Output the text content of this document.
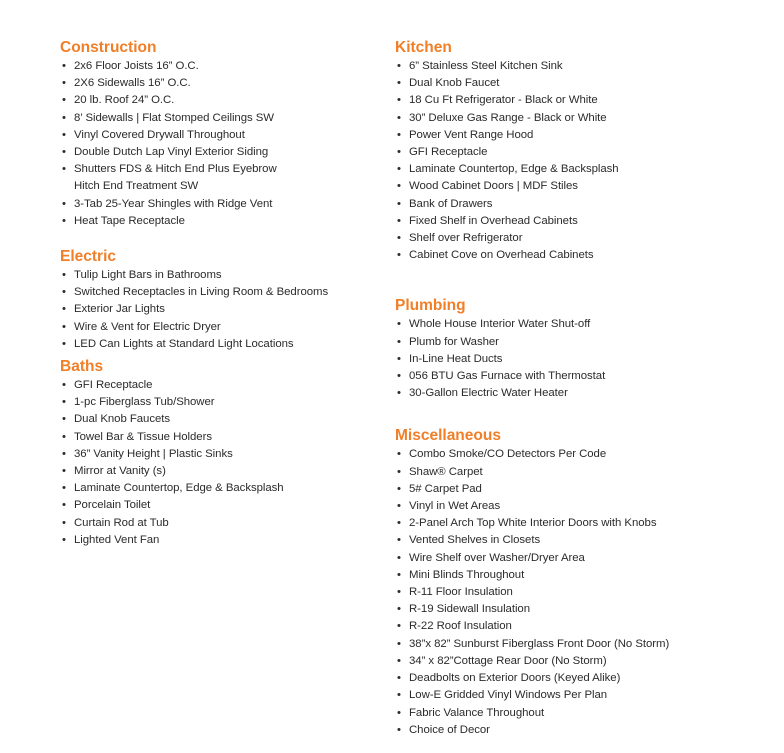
Construction
• 2x6 Floor Joists 16” O.C.
• 2X6 Sidewalls 16” O.C.
• 20 lb. Roof 24” O.C.
• 8’ Sidewalls | Flat Stomped Ceilings SW
• Vinyl Covered Drywall Throughout
• Double Dutch Lap Vinyl Exterior Siding
• Shutters FDS & Hitch End Plus Eyebrow
Hitch End Treatment SW
• 3-Tab 25-Year Shingles with Ridge Vent
• Heat Tape Receptacle
Electric
• Tulip Light Bars in Bathrooms
• Switched Receptacles in Living Room & Bedrooms
• Exterior Jar Lights
• Wire & Vent for Electric Dryer
• LED Can Lights at Standard Light Locations
Baths
• GFI Receptacle
• 1-pc Fiberglass Tub/Shower
• Dual Knob Faucets
• Towel Bar & Tissue Holders
• 36” Vanity Height | Plastic Sinks
• Mirror at Vanity (s)
• Laminate Countertop, Edge & Backsplash
• Porcelain Toilet
• Curtain Rod at Tub
• Lighted Vent Fan
Kitchen
• 6” Stainless Steel Kitchen Sink
• Dual Knob Faucet
• 18 Cu Ft Refrigerator - Black or White
• 30” Deluxe Gas Range - Black or White
• Power Vent Range Hood
• GFI Receptacle
• Laminate Countertop, Edge & Backsplash
• Wood Cabinet Doors | MDF Stiles
• Bank of Drawers
• Fixed Shelf in Overhead Cabinets
• Shelf over Refrigerator
• Cabinet Cove on Overhead Cabinets
Plumbing
• Whole House Interior Water Shut-off
• Plumb for Washer
• In-Line Heat Ducts
• 056 BTU Gas Furnace with Thermostat
• 30-Gallon Electric Water Heater
Miscellaneous
• Combo Smoke/CO Detectors Per Code
• Shaw® Carpet
• 5# Carpet Pad
• Vinyl in Wet Areas
• 2-Panel Arch Top White Interior Doors with Knobs
• Vented Shelves in Closets
• Wire Shelf over Washer/Dryer Area
• Mini Blinds Throughout
• R-11 Floor Insulation
• R-19 Sidewall Insulation
• R-22 Roof Insulation
• 38”x 82” Sunburst Fiberglass Front Door (No Storm)
• 34” x 82”Cottage Rear Door (No Storm)
• Deadbolts on Exterior Doors (Keyed Alike)
• Low-E Gridded Vinyl Windows Per Plan
• Fabric Valance Throughout
• Choice of Decor
